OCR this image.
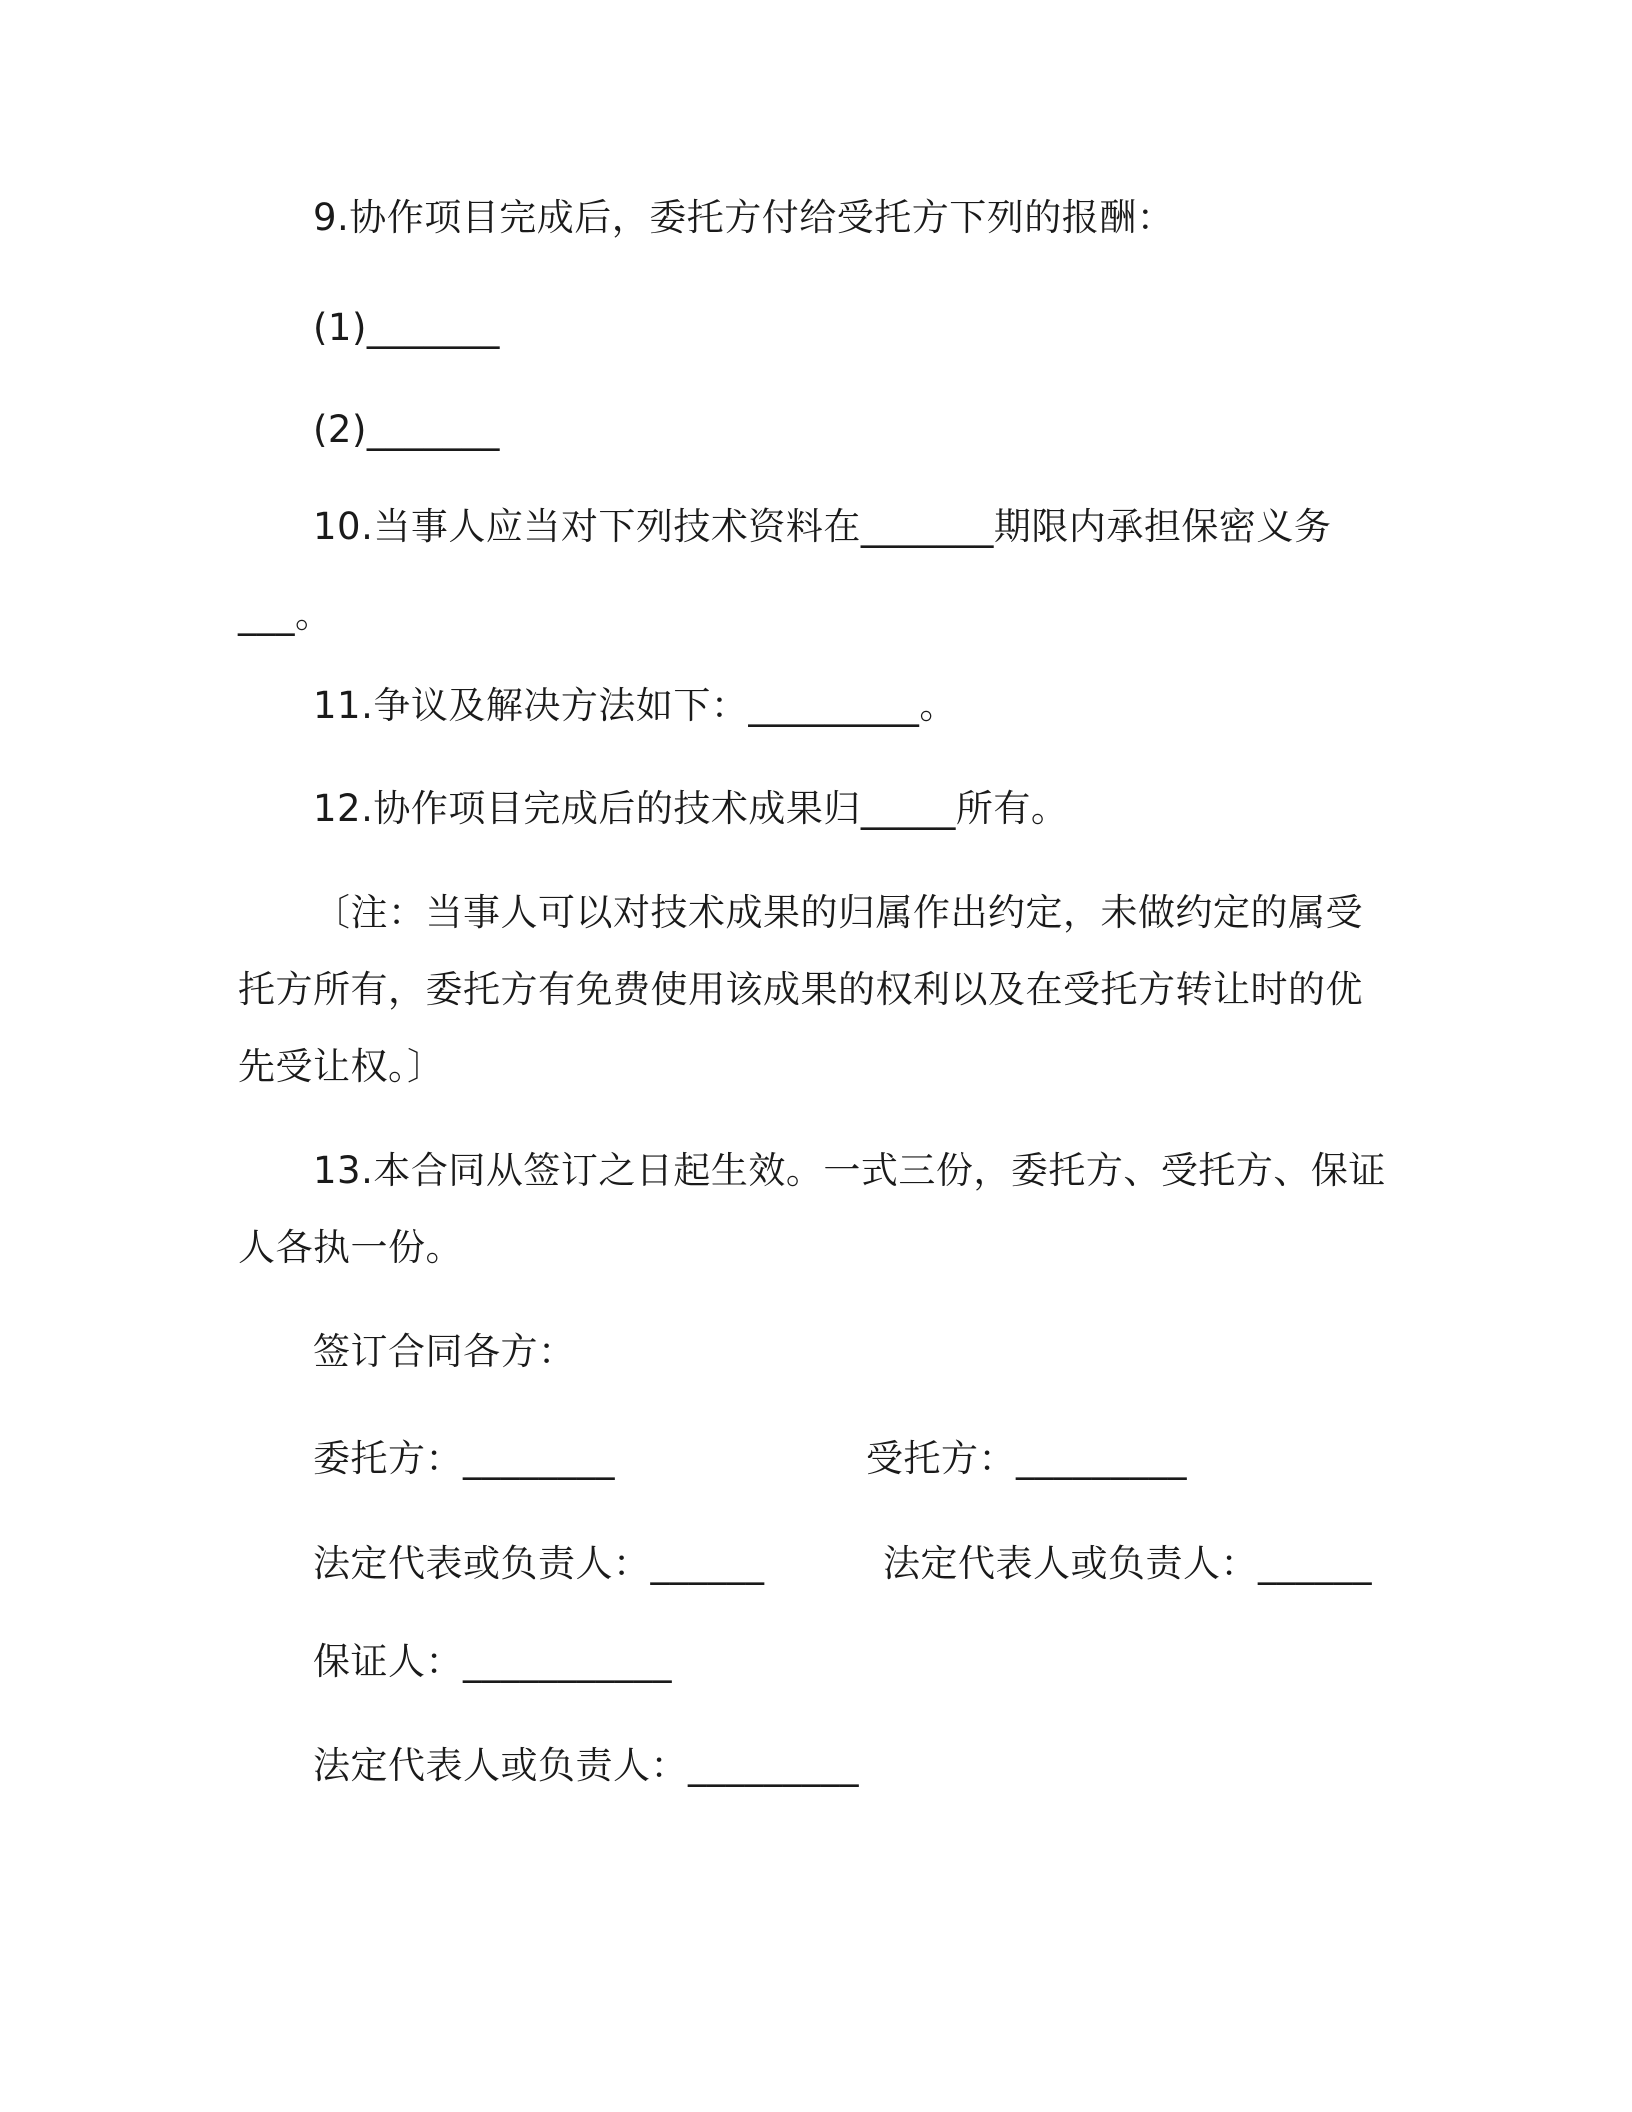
9.协作项目完成后，委托方付给受托方下列的报酬：

(1)_______

(2)_______

10.当事人应当对下列技术资料在_______期限内承担保密义务

___。

11.争议及解决方法如下：_________。

12.协作项目完成后的技术成果归_____所有。

〔注：当事人可以对技术成果的归属作出约定，未做约定的属受

托方所有，委托方有免费使用该成果的权利以及在受托方转让时的优

先受让权。〕

13.本合同从签订之日起生效。一式三份，委托方、受托方、保证

人各执一份。

签订合同各方：

委托方：________	受托方：_________

法定代表或负责人：______	法定代表人或负责人：______

保证人：___________

法定代表人或负责人：_________
